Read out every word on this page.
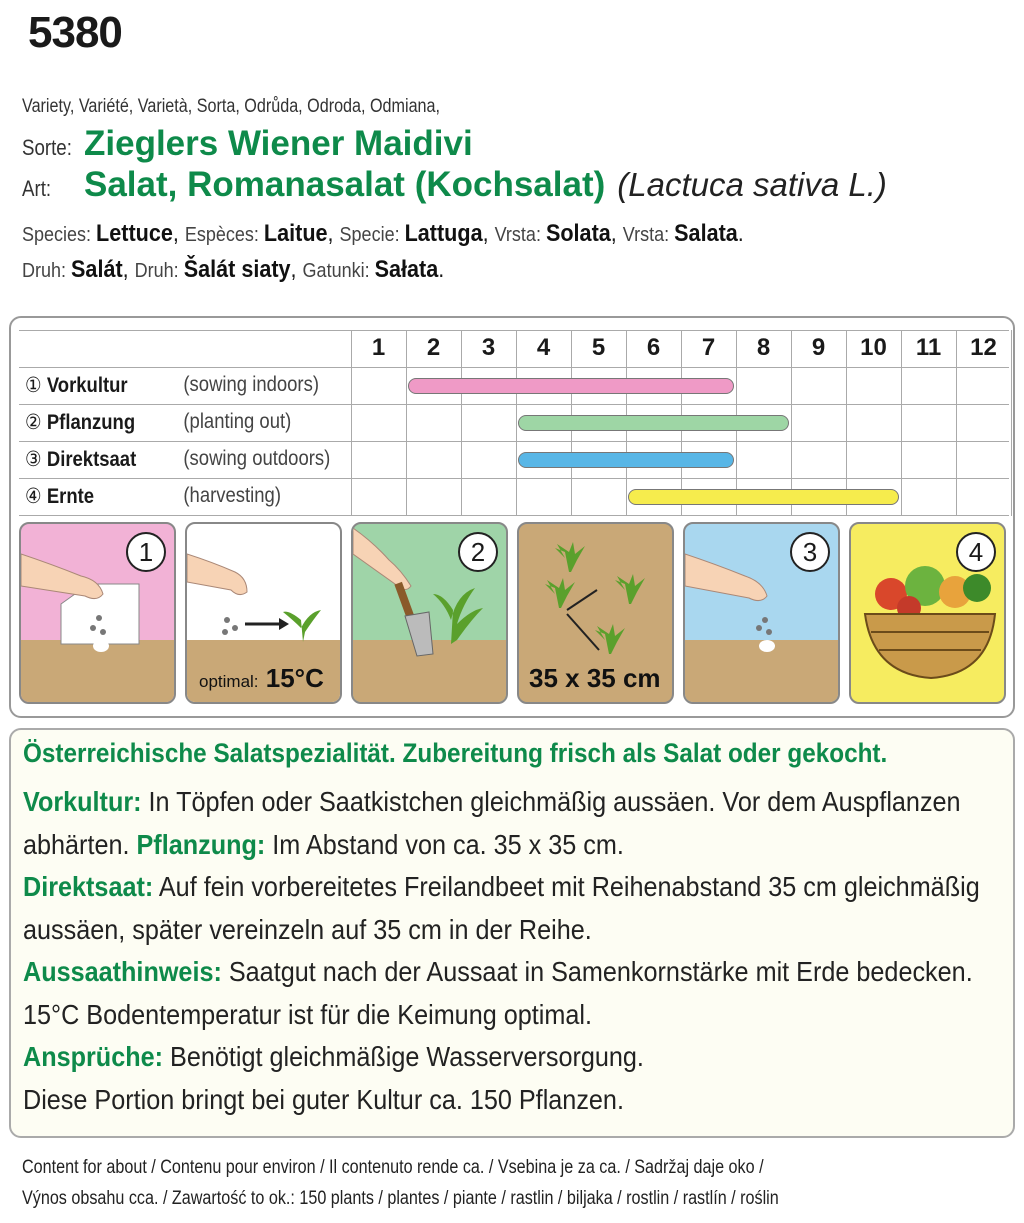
5380
Variety, Variété, Varietà, Sorta, Odrůda, Odroda, Odmiana,
Sorte: Zieglers Wiener Maidivi
Art: Salat, Romanasalat (Kochsalat) (Lactuca sativa L.)
Species: Lettuce, Espèces: Laitue, Specie: Lattuga, Vrsta: Solata, Vrsta: Salata.
Druh: Salát, Druh: Šalát siaty, Gatunki: Sałata.
1	2	3	4	5	6	7	8	9	10	11	12
① Vorkultur	(sowing indoors)
② Pflanzung (planting out)
③ Direktsaat (sowing outdoors)
④ Ernte	(harvesting)
1
optimal: 15°C
2
35 x 35 cm
3	4
Österreichische Salatspezialität. Zubereitung frisch als Salat oder gekocht.
Vorkultur: In Töpfen oder Saatkistchen gleichmäßig aussäen. Vor dem Auspflanzen abhärten. Pflanzung: Im Abstand von ca. 35 x 35 cm.
Direktsaat: Auf fein vorbereitetes Freilandbeet mit Reihenabstand 35 cm gleichmäßig aussäen, später vereinzeln auf 35 cm in der Reihe.
Aussaathinweis: Saatgut nach der Aussaat in Samenkornstärke mit Erde bedecken. 15°C Bodentemperatur ist für die Keimung optimal.
Ansprüche: Benötigt gleichmäßige Wasserversorgung.
Diese Portion bringt bei guter Kultur ca. 150 Pflanzen.
Content for about / Contenu pour environ / Il contenuto rende ca. / Vsebina je za ca. / Sadržaj daje oko /
Výnos obsahu cca. / Zawartość to ok.: 150 plants / plantes / piante / rastlin / biljaka / rostlin / rastlín / roślin
